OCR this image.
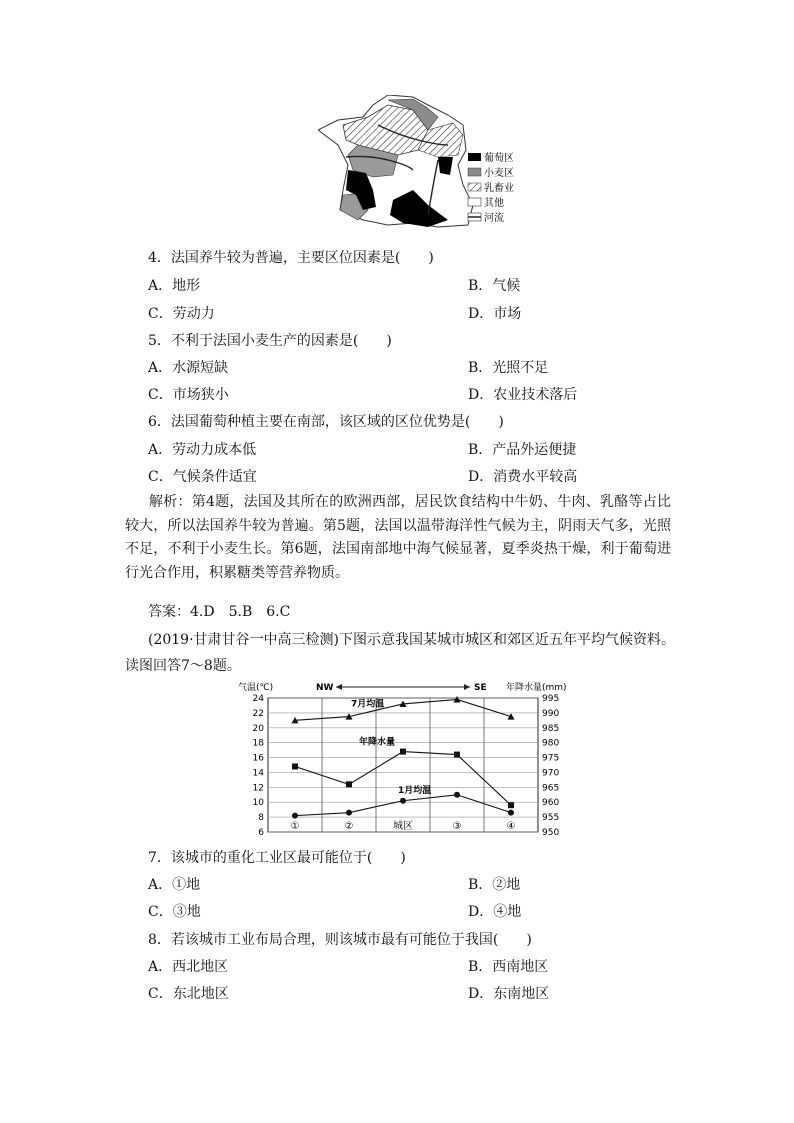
葡萄区
小麦区
乳畜业
其他
河流
4．法国养牛较为普遍，主要区位因素是(　　)
A．地形	B．气候
C．劳动力	D．市场
5．不利于法国小麦生产的因素是(　　)
A．水源短缺	B．光照不足
C．市场狭小	D．农业技术落后
6．法国葡萄种植主要在南部，该区域的区位优势是(　　)
A．劳动力成本低	B．产品外运便捷
C．气候条件适宜	D．消费水平较高
解析：第4题，法国及其所在的欧洲西部，居民饮食结构中牛奶、牛肉、乳酪等占比较大，所以法国养牛较为普遍。第5题，法国以温带海洋性气候为主，阴雨天气多，光照不足，不利于小麦生长。第6题，法国南部地中海气候显著，夏季炎热干燥，利于葡萄进行光合作用，积累糖类等营养物质。
答案：4.D　5.B　6.C
(2019·甘肃甘谷一中高三检测)下图示意我国某城市城区和郊区近五年平均气候资料。
读图回答7～8题。
气温(℃)	年降水量(mm)
NW	SE
6
8
10
12
14
16
18
20
22
24
950
955
960
965
970
975
980
985
990
995
①	②	城区	③	④
7月均温
年降水量
1月均温
7．该城市的重化工业区最可能位于(　　)
A．①地	B．②地
C．③地	D．④地
8．若该城市工业布局合理，则该城市最有可能位于我国(　　)
A．西北地区	B．西南地区
C．东北地区	D．东南地区
